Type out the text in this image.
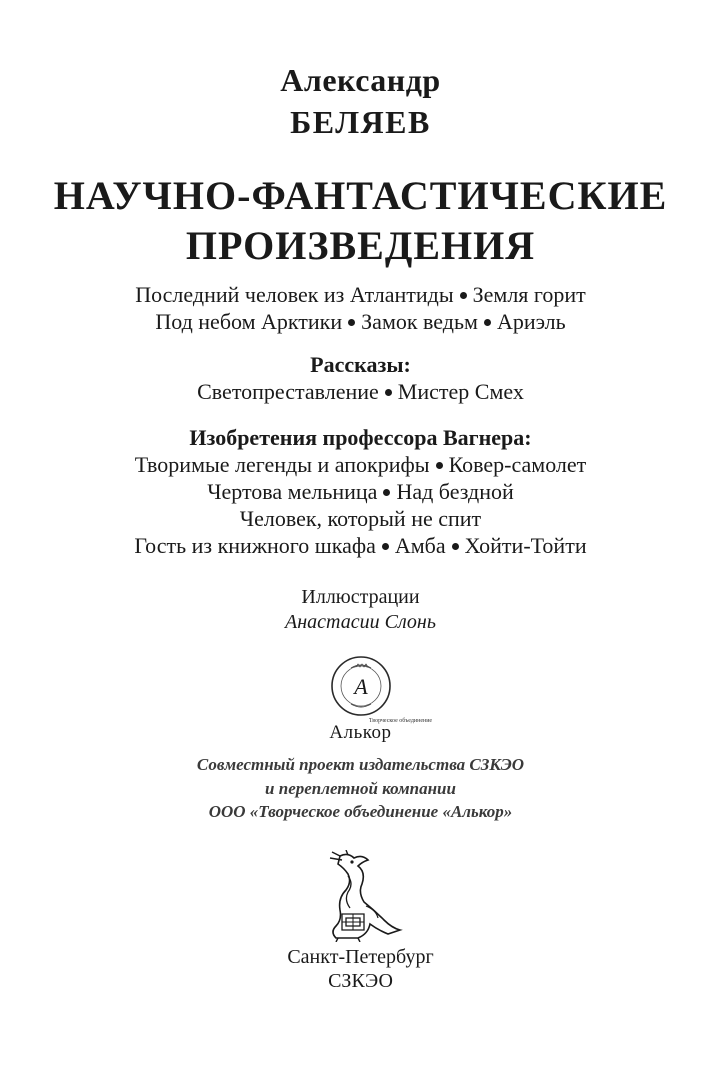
Александр
БЕЛЯЕВ
НАУЧНО-ФАНТАСТИЧЕСКИЕ
ПРОИЗВЕДЕНИЯ
Последний человек из Атлантиды Земля горит
Под небом Арктики Замок ведьм Ариэль
Рассказы:
Светопреставление Мистер Смех
Изобретения профессора Вагнера:
Творимые легенды и апокрифы Ковер-самолет
Чертова мельница Над бездной
Человек, который не спит
Гость из книжного шкафа Амба Хойти-Тойти
Иллюстрации
Анастасии Слонь
А
Творческое объединение
Алькор
Совместный проект издательства СЗКЭО
и переплетной компании
ООО «Творческое объединение «Алькор»
Санкт-Петербург
СЗКЭО
